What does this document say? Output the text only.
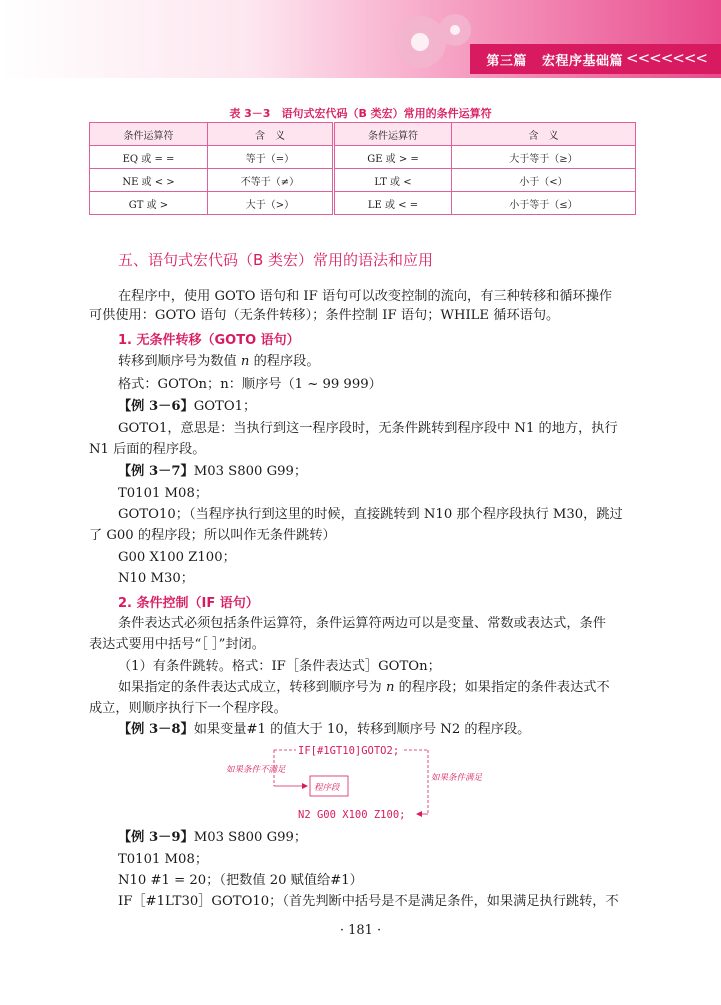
第三篇 宏程序基础篇 <<<<<<<
表 3－3　语句式宏代码（B 类宏）常用的条件运算符
条件运算符	含　义	条件运算符	含　义
EQ 或 = =	等于（=）	GE 或 > =	大于等于（≥）
NE 或 < >	不等于（≠）	LT 或 <	小于（<）
GT 或 >	大于（>）	LE 或 < =	小于等于（≤）
五、语句式宏代码（B 类宏）常用的语法和应用
在程序中，使用 GOTO 语句和 IF 语句可以改变控制的流向，有三种转移和循环操作
可供使用：GOTO 语句（无条件转移）；条件控制 IF 语句；WHILE 循环语句。
1. 无条件转移（GOTO 语句）
转移到顺序号为数值 n 的程序段。
格式：GOTOn；n：顺序号（1 ~ 99 999）
【例 3－6】GOTO1；
GOTO1，意思是：当执行到这一程序段时，无条件跳转到程序段中 N1 的地方，执行
N1 后面的程序段。
【例 3－7】M03 S800 G99；
T0101 M08；
GOTO10；（当程序执行到这里的时候，直接跳转到 N10 那个程序段执行 M30，跳过
了 G00 的程序段；所以叫作无条件跳转）
G00 X100 Z100；
N10 M30；
2. 条件控制（IF 语句）
条件表达式必须包括条件运算符，条件运算符两边可以是变量、常数或表达式，条件
表达式要用中括号“［ ］”封闭。
（1）有条件跳转。格式：IF［条件表达式］GOTOn；
如果指定的条件表达式成立，转移到顺序号为 n 的程序段；如果指定的条件表达式不
成立，则顺序执行下一个程序段。
【例 3－8】如果变量#1 的值大于 10，转移到顺序号 N2 的程序段。
IF[#1GT10]GOTO2;
程序段
N2 G00 X100 Z100;
如果条件不满足
如果条件满足
【例 3－9】M03 S800 G99；
T0101 M08；
N10 #1 = 20；（把数值 20 赋值给#1）
IF［#1LT30］GOTO10；（首先判断中括号是不是满足条件，如果满足执行跳转，不
· 181 ·
